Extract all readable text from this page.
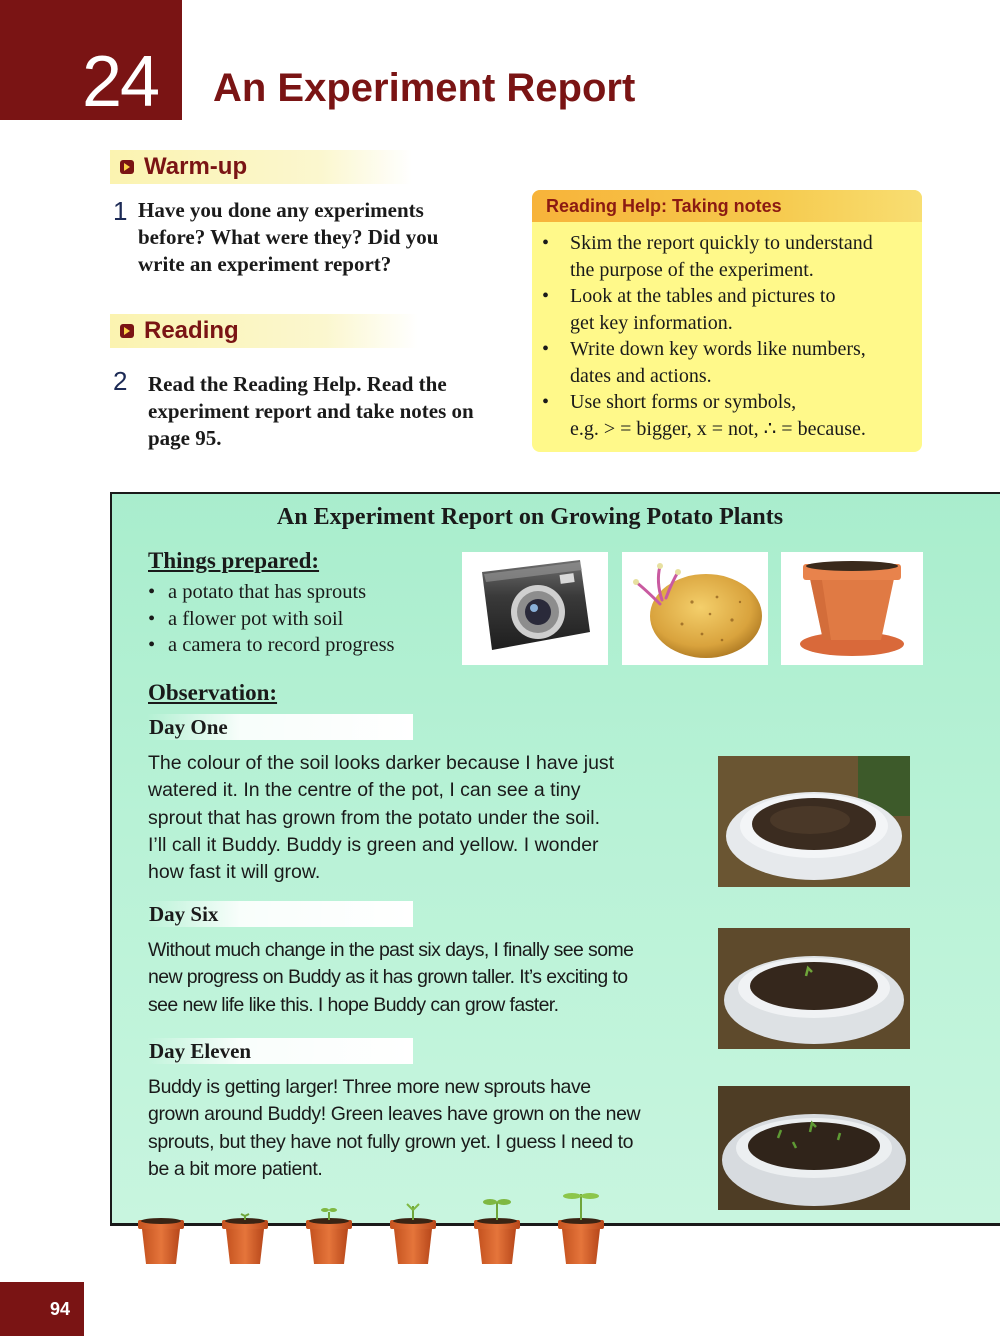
24	An Experiment Report
Warm-up
1 Have you done any experiments
before? What were they? Did you
write an experiment report?
Reading
2 Read the Reading Help. Read the
experiment report and take notes on
page 95.
Reading Help: Taking notes
• Skim the report quickly to understand
the purpose of the experiment.
• Look at the tables and pictures to
get key information.
• Write down key words like numbers,
dates and actions.
• Use short forms or symbols,
e.g. > = bigger, x = not, ∴ = because.
An Experiment Report on Growing Potato Plants
Things prepared:
• a potato that has sprouts
• a flower pot with soil
• a camera to record progress
Observation:
Day One
The colour of the soil looks darker because I have just
watered it. In the centre of the pot, I can see a tiny
sprout that has grown from the potato under the soil.
I’ll call it Buddy. Buddy is green and yellow. I wonder
how fast it will grow.
Day Six
Without much change in the past six days, I finally see some
new progress on Buddy as it has grown taller. It’s exciting to
see new life like this. I hope Buddy can grow faster.
Day Eleven
Buddy is getting larger! Three more new sprouts have
grown around Buddy! Green leaves have grown on the new
sprouts, but they have not fully grown yet. I guess I need to
be a bit more patient.
94
